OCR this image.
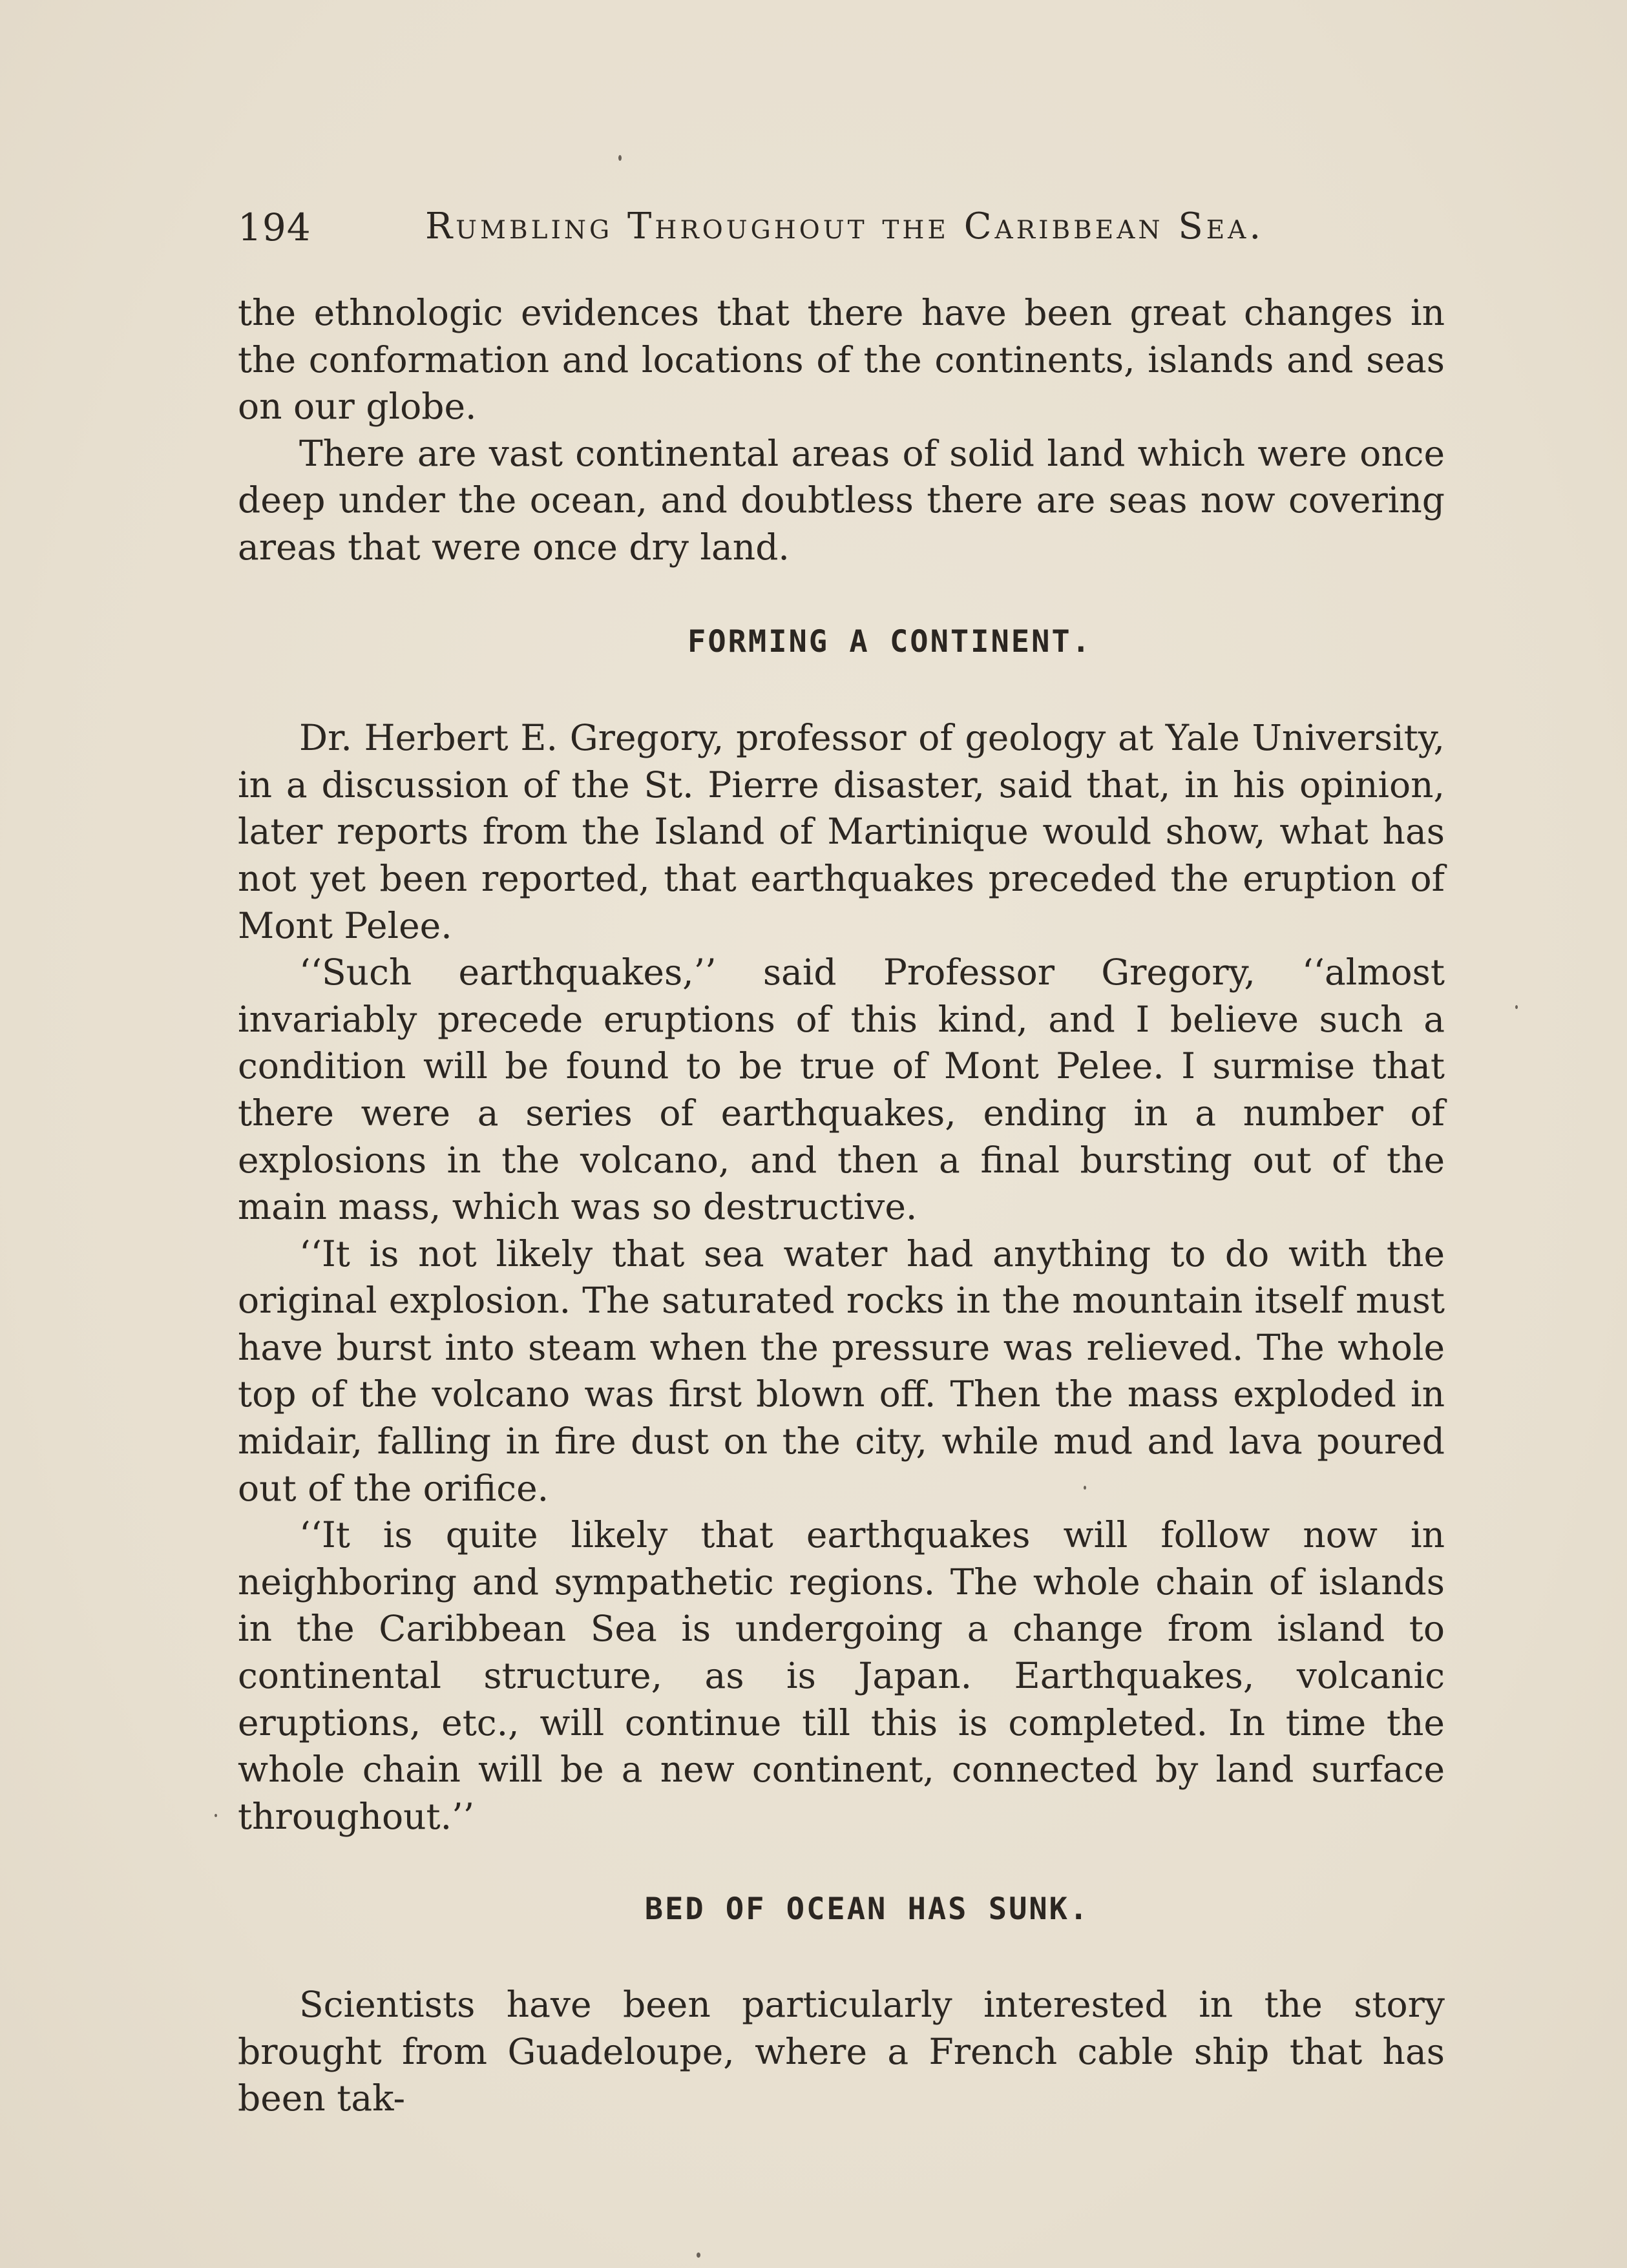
194	Rumbling Throughout the Caribbean Sea.

the ethnologic evidences that there have been great changes in the conformation and locations of the continents, islands and seas on our globe.

There are vast continental areas of solid land which were once deep under the ocean, and doubtless there are seas now covering areas that were once dry land.

FORMING A CONTINENT.

Dr. Herbert E. Gregory, professor of geology at Yale University, in a discussion of the St. Pierre disaster, said that, in his opinion, later reports from the Island of Martinique would show, what has not yet been reported, that earthquakes preceded the eruption of Mont Pelee.

‘‘Such earthquakes,’’ said Professor Gregory, ‘‘almost invariably precede eruptions of this kind, and I believe such a condition will be found to be true of Mont Pelee. I surmise that there were a series of earthquakes, ending in a number of explosions in the volcano, and then a final bursting out of the main mass, which was so destructive.

‘‘It is not likely that sea water had anything to do with the original explosion. The saturated rocks in the mountain itself must have burst into steam when the pressure was relieved. The whole top of the volcano was first blown off. Then the mass exploded in midair, falling in fire dust on the city, while mud and lava poured out of the orifice.

‘‘It is quite likely that earthquakes will follow now in neighboring and sympathetic regions. The whole chain of islands in the Caribbean Sea is undergoing a change from island to continental structure, as is Japan. Earthquakes, volcanic eruptions, etc., will continue till this is completed. In time the whole chain will be a new continent, connected by land surface throughout.’’

BED OF OCEAN HAS SUNK.

Scientists have been particularly interested in the story brought from Guadeloupe, where a French cable ship that has been tak-
